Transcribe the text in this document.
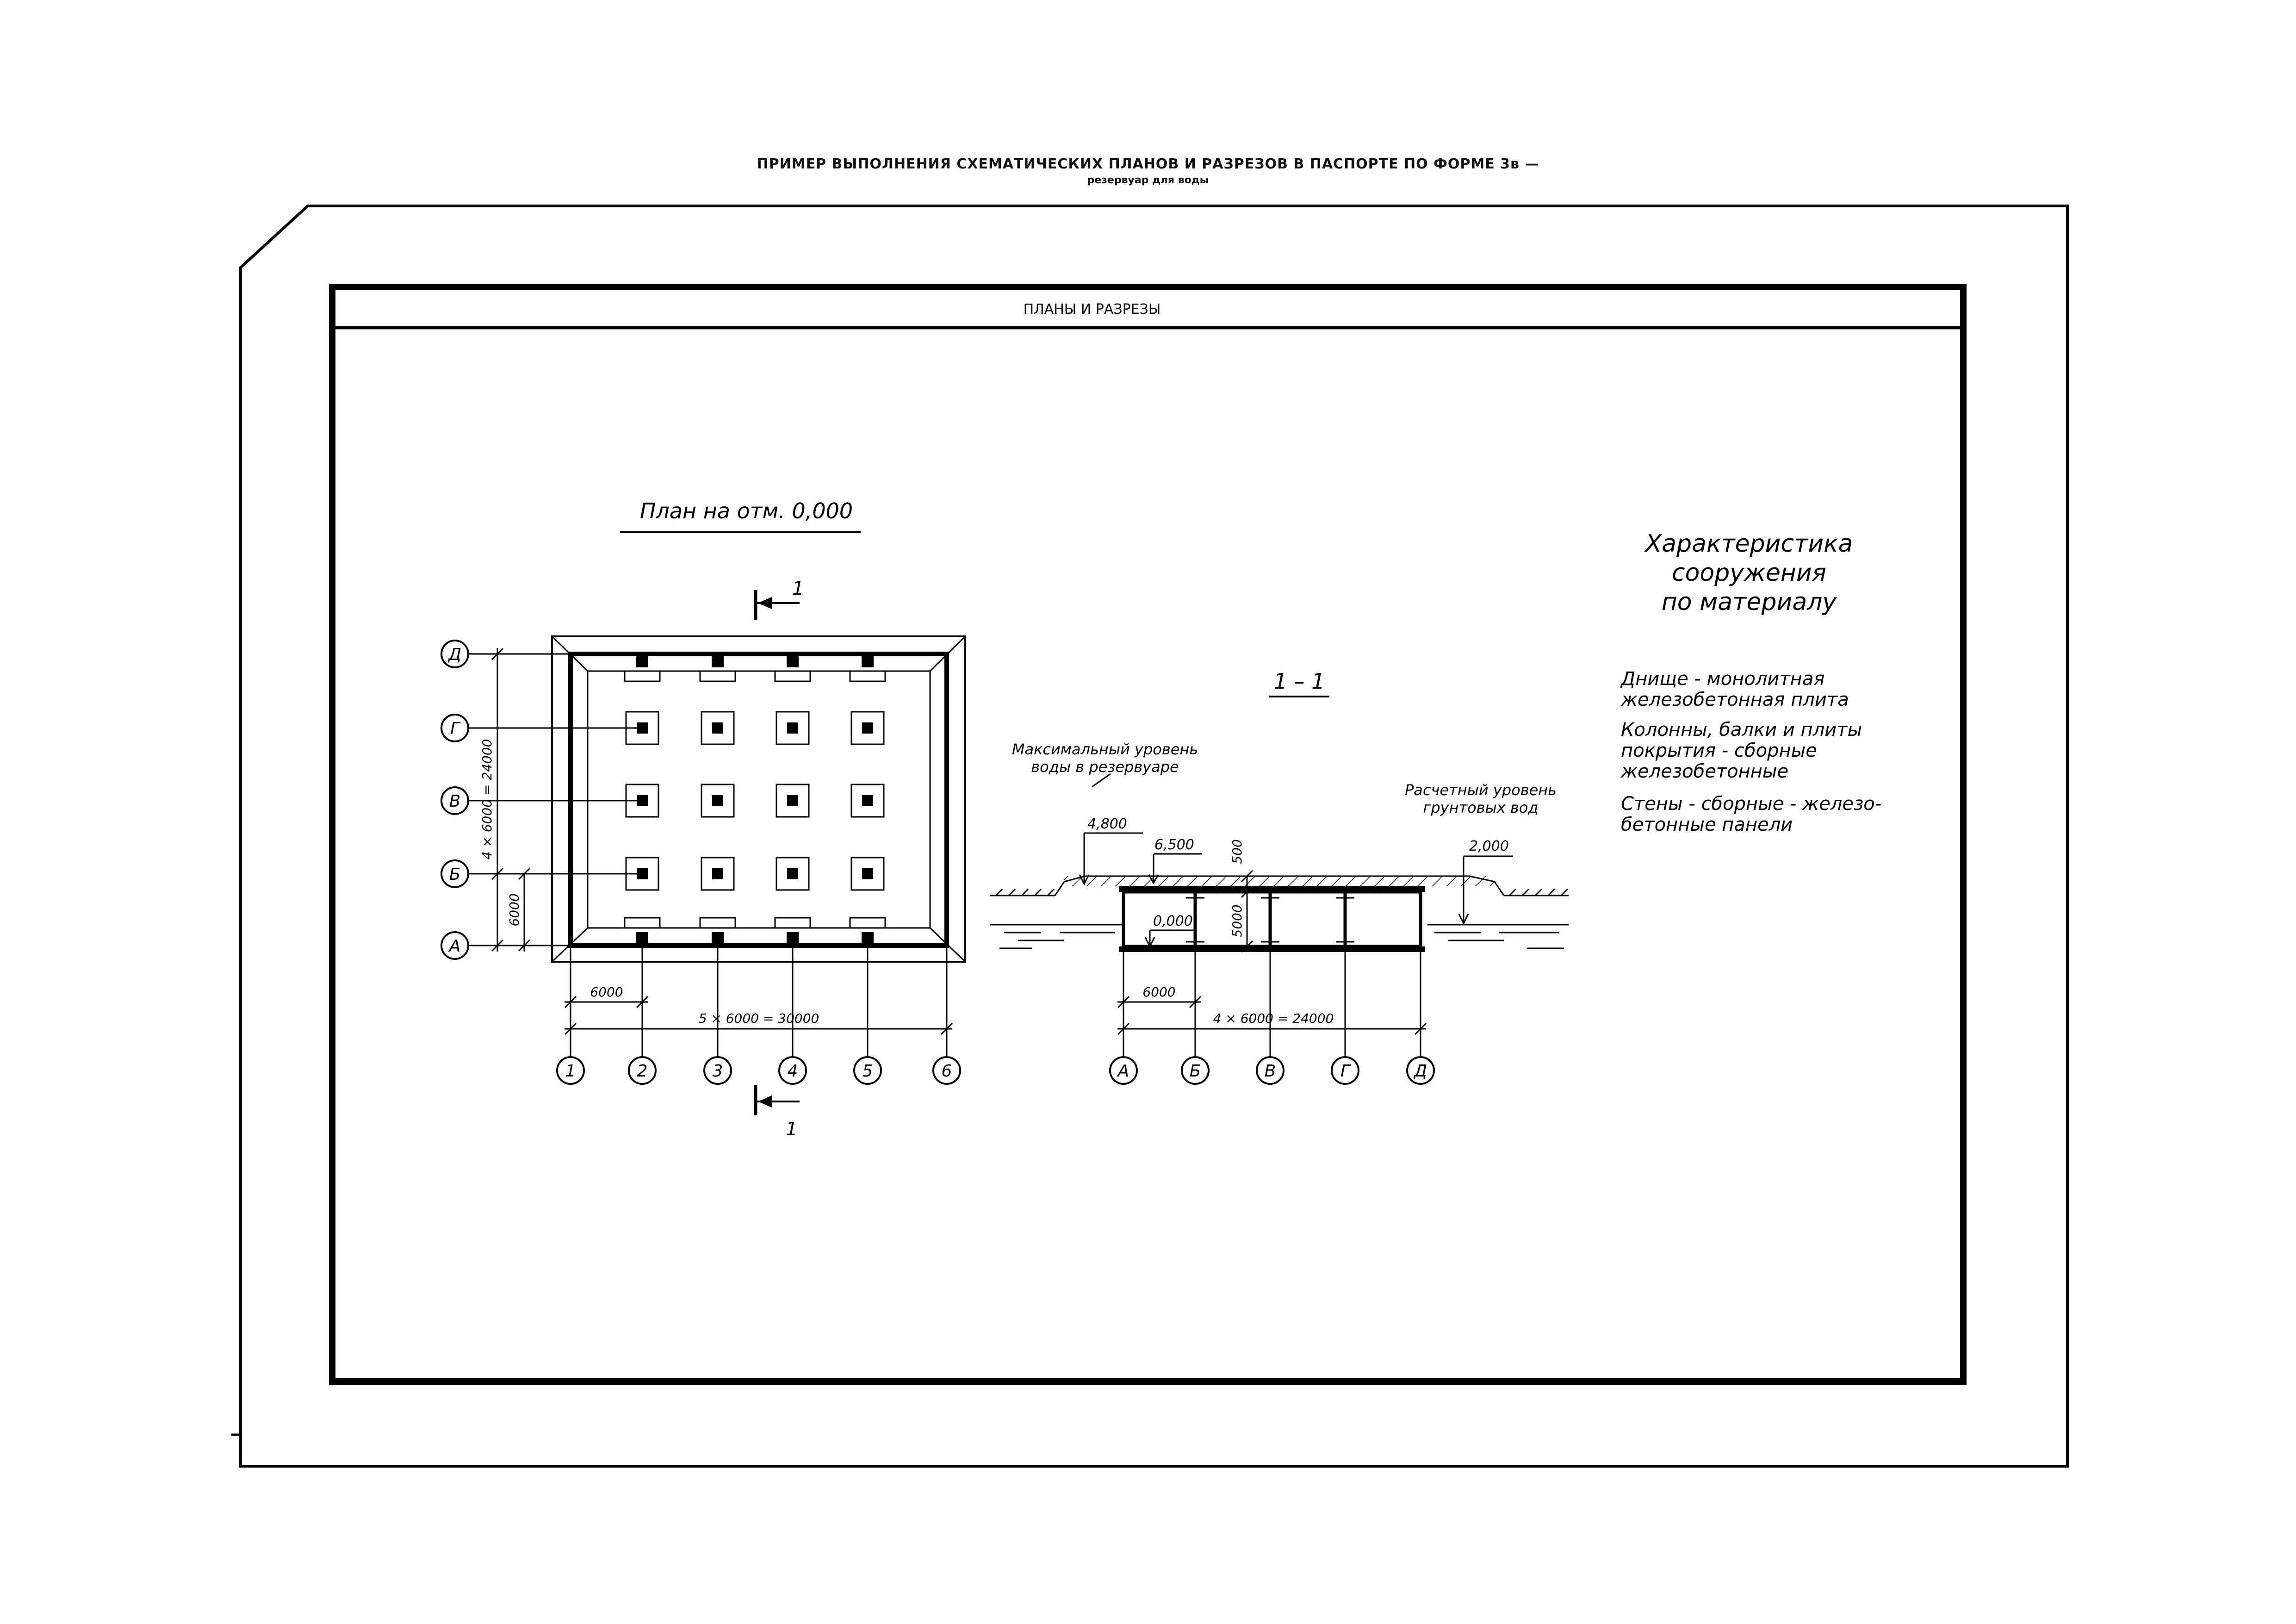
ПРИМЕР ВЫПОЛНЕНИЯ СХЕМАТИЧЕСКИХ ПЛАНОВ И РАЗРЕЗОВ В ПАСПОРТЕ ПО ФОРМЕ 3в —
резервуар для воды
ПЛАНЫ И РАЗРЕЗЫ
План на отм. 0,000
Д
Г
В
Б
А
4 × 6000 = 24000
6000
1	2	3	4	5	6
6000
5 × 6000 = 30000
1
1
1 – 1
Максимальный уровень
воды в резервуаре
Расчетный уровень
грунтовых вод
4,800
6,500
0,000
2,000
500
5000
А	Б	В	Г	Д
6000
4 × 6000 = 24000
Характеристика
сооружения
по материалу
Днище - монолитная
железобетонная плита
Колонны, балки и плиты
покрытия - сборные
железобетонные
Стены - сборные - железо-
бетонные панели
